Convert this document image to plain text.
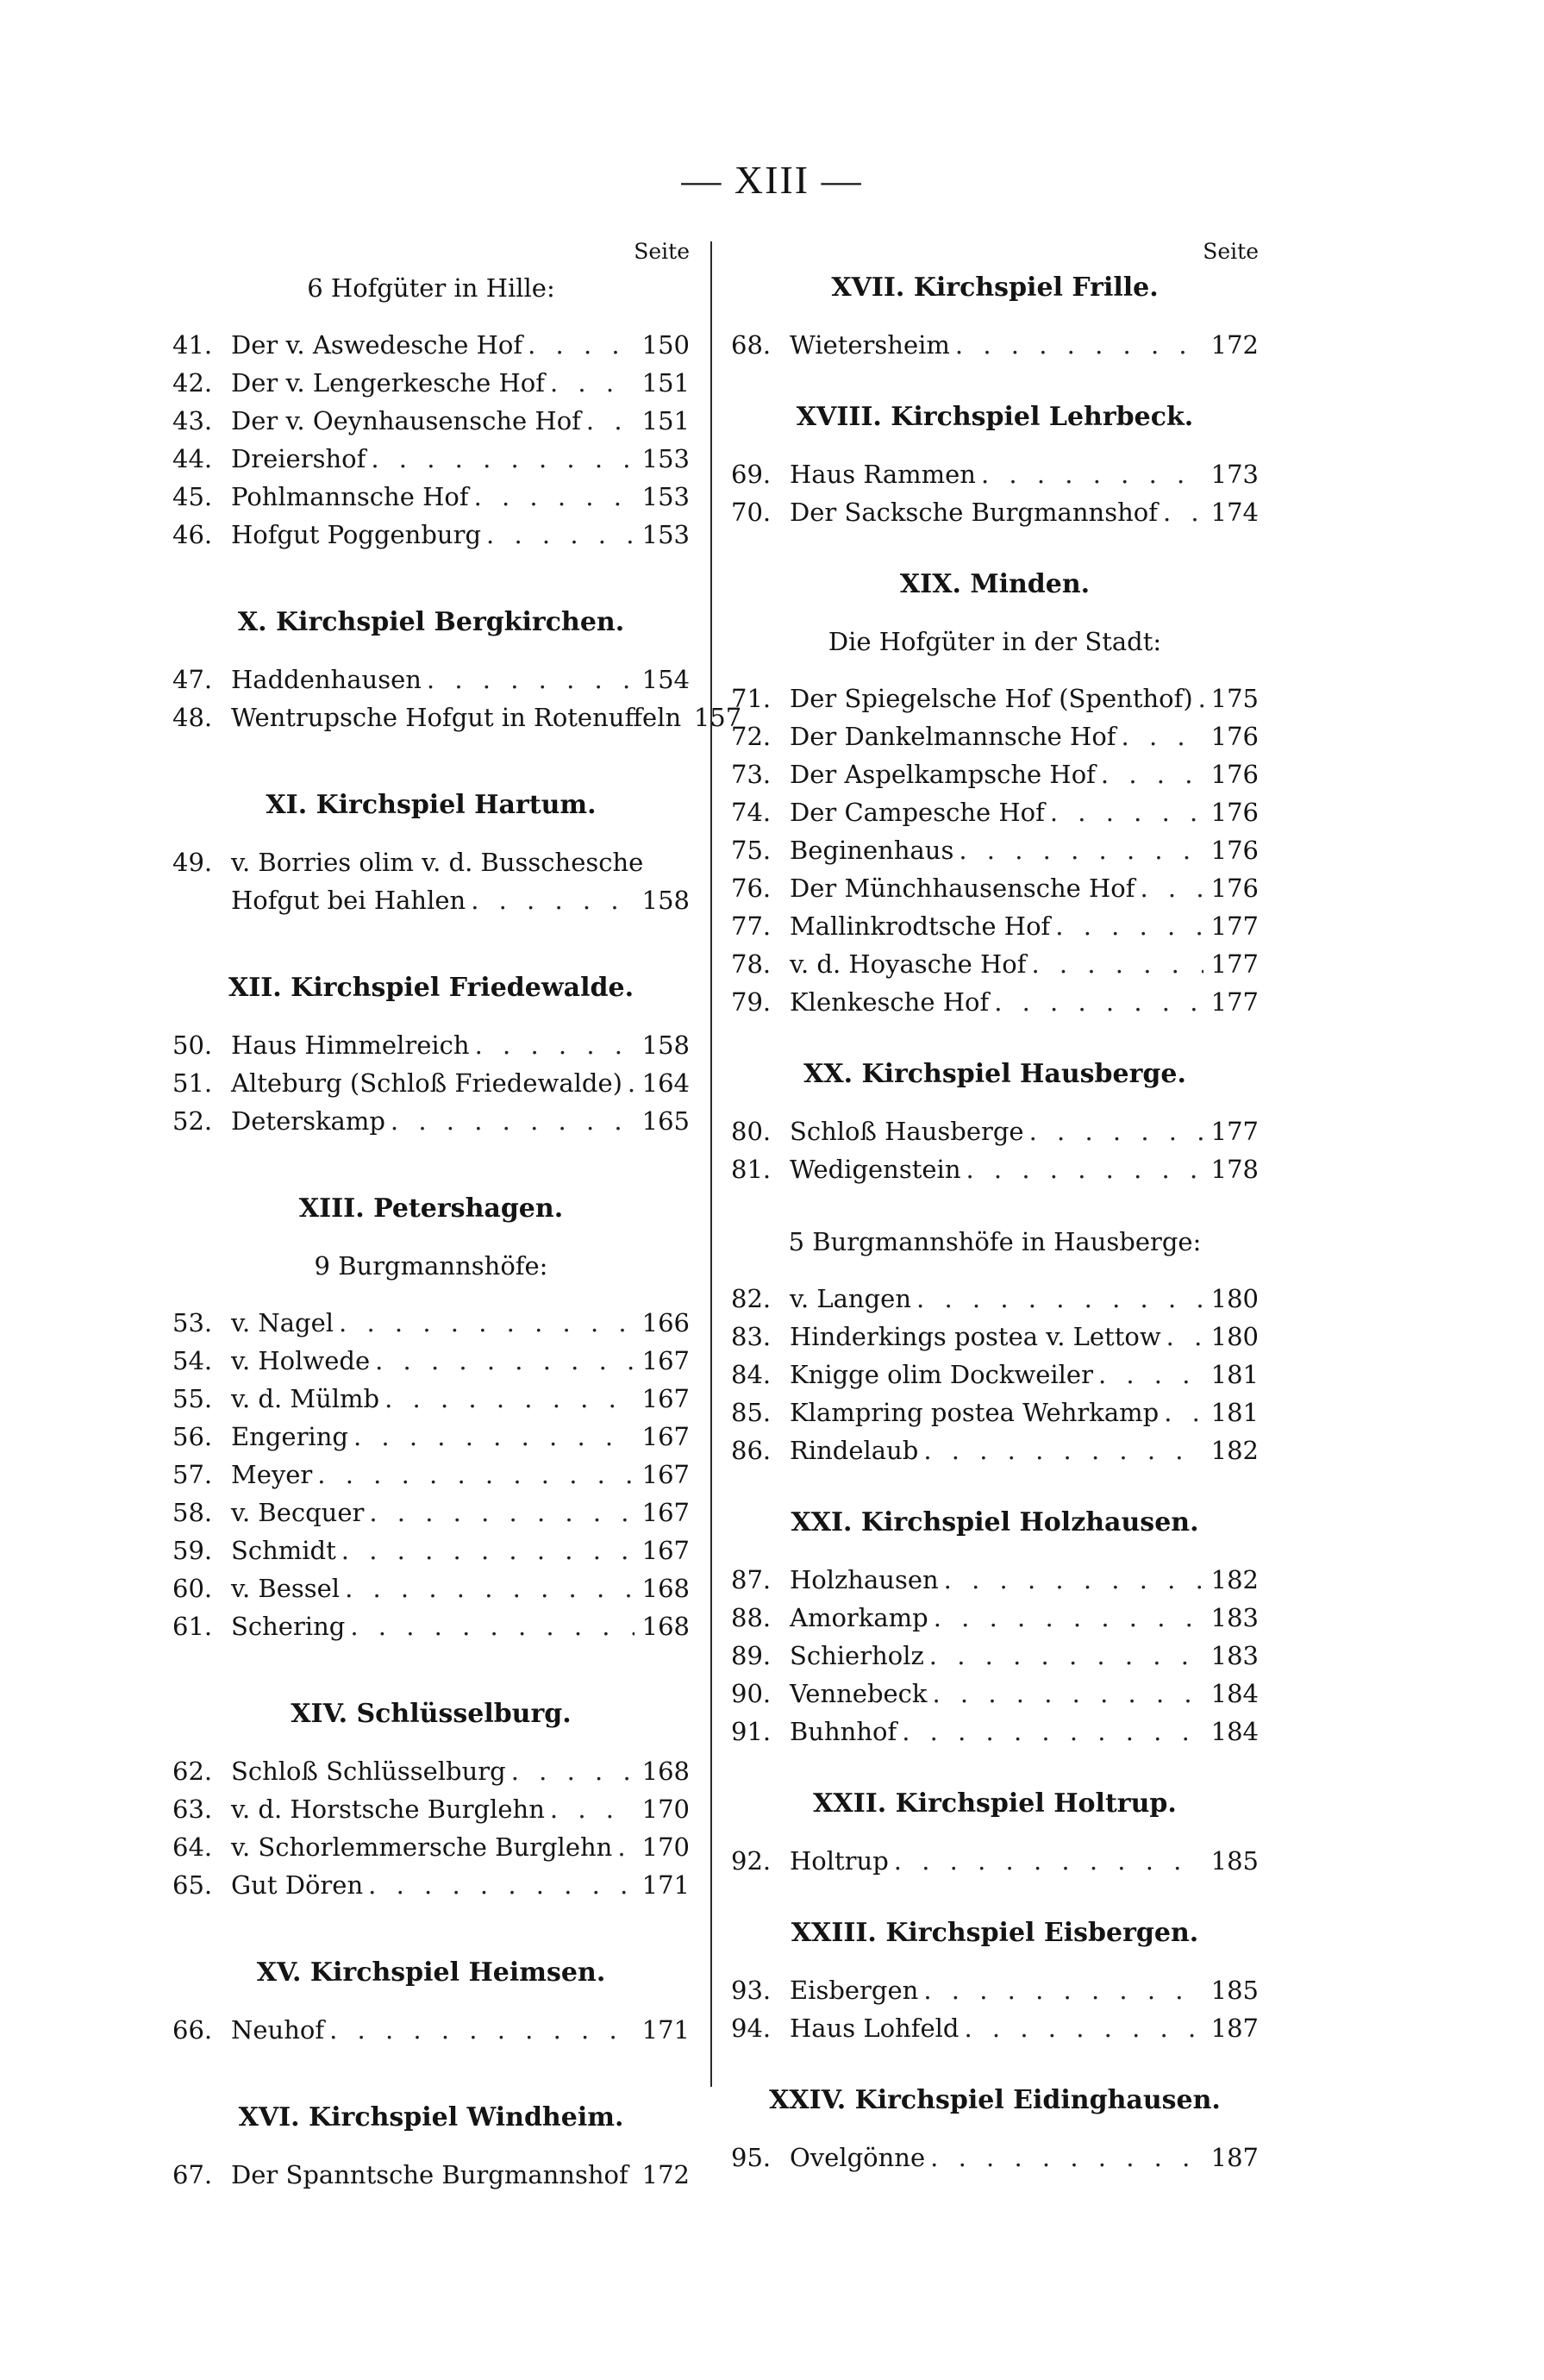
— XIII —
Seite
6 Hofgüter in Hille:
41. Der v. Aswedesche Hof . . .	150
42. Der v. Lengerkesche Hof . . .	151
43. Der v. Oeynhausensche Hof . . . 151
44. Dreiershof . . .	153
45. Pohlmannsche Hof . . .	153
46. Hofgut Poggenburg . . .	153
X. Kirchspiel Bergkirchen.
47. Haddenhausen . . .	154
48. Wentrupsche Hofgut in Rotenuffeln 157
XI. Kirchspiel Hartum.
49. v. Borries olim v. d. Busschesche
Hofgut bei Hahlen . . .	158
XII. Kirchspiel Friedewalde.
50. Haus Himmelreich . . .	158
51. Alteburg (Schloß Friedewalde) . . . 164
52. Deterskamp . . .	165
XIII. Petershagen.
9 Burgmannshöfe:
53. v. Nagel . . .	166
54. v. Holwede . . .	167
55. v. d. Mülmb . . .	167
56. Engering . . .	167
57. Meyer . . .	167
58. v. Becquer . . .	167
59. Schmidt . . .	167
60. v. Bessel . . .	168
61. Schering . . .	168
XIV. Schlüsselburg.
62. Schloß Schlüsselburg . . .	168
63. v. d. Horstsche Burglehn . . .	170
64. v. Schorlemmersche Burglehn . . . 170
65. Gut Dören . . .	171
XV. Kirchspiel Heimsen.
66. Neuhof . . .	171
XVI. Kirchspiel Windheim.
67. Der Spanntsche Burgmannshof . . . 172
Seite
XVII. Kirchspiel Frille.
68. Wietersheim . . .	172
XVIII. Kirchspiel Lehrbeck.
69. Haus Rammen . . .	173
70. Der Sacksche Burgmannshof . . . 174
XIX. Minden.
Die Hofgüter in der Stadt:
71. Der Spiegelsche Hof (Spenthof) . . . 175
72. Der Dankelmannsche Hof . . .	176
73. Der Aspelkampsche Hof . . .	176
74. Der Campesche Hof . . .	176
75. Beginenhaus . . .	176
76. Der Münchhausensche Hof . . .	176
77. Mallinkrodtsche Hof . . .	177
78. v. d. Hoyasche Hof . . .	177
79. Klenkesche Hof . . .	177
XX. Kirchspiel Hausberge.
80. Schloß Hausberge . . .	177
81. Wedigenstein . . .	178
5 Burgmannshöfe in Hausberge:
82. v. Langen . . .	180
83. Hinderkings postea v. Lettow . . . 180
84. Knigge olim Dockweiler . . .	181
85. Klampring postea Wehrkamp . . . 181
86. Rindelaub . . .	182
XXI. Kirchspiel Holzhausen.
87. Holzhausen . . .	182
88. Amorkamp . . .	183
89. Schierholz . . .	183
90. Vennebeck . . .	184
91. Buhnhof . . .	184
XXII. Kirchspiel Holtrup.
92. Holtrup . . .	185
XXIII. Kirchspiel Eisbergen.
93. Eisbergen . . .	185
94. Haus Lohfeld . . .	187
XXIV. Kirchspiel Eidinghausen.
95. Ovelgönne . . .	187
